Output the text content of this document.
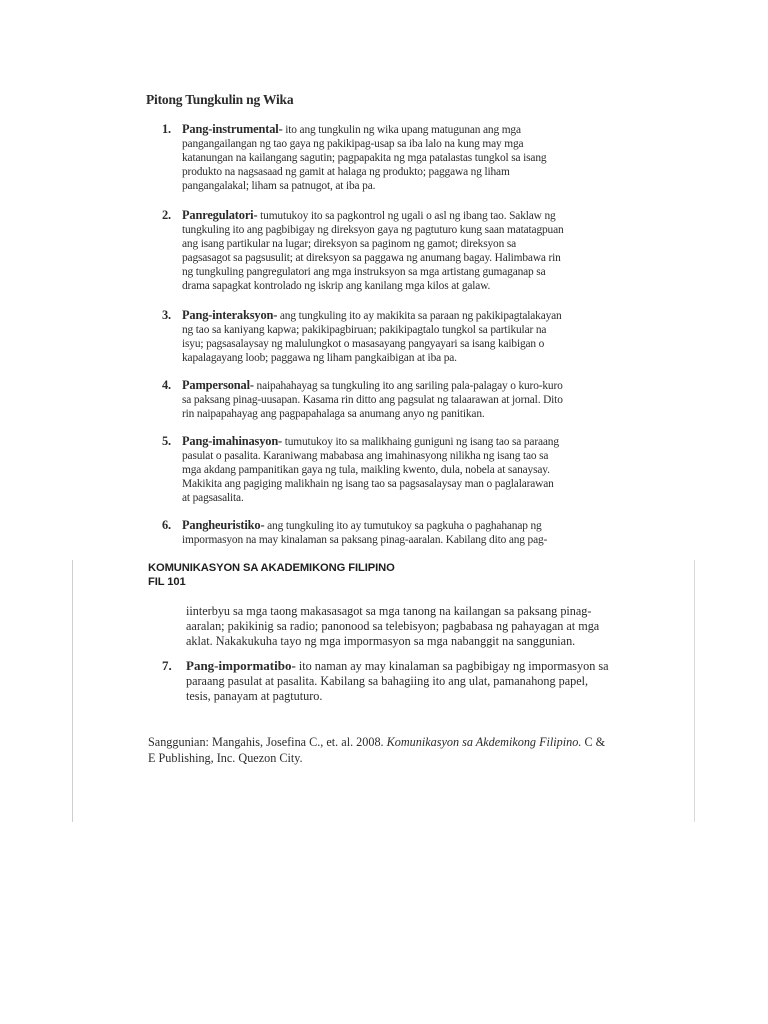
Pitong Tungkulin ng Wika
1. Pang-instrumental- ito ang tungkulin ng wika upang matugunan ang mga
pangangailangan ng tao gaya ng pakikipag-usap sa iba lalo na kung may mga
katanungan na kailangang sagutin; pagpapakita ng mga patalastas tungkol sa isang
produkto na nagsasaad ng gamit at halaga ng produkto; paggawa ng liham
pangangalakal; liham sa patnugot, at iba pa.
2. Panregulatori- tumutukoy ito sa pagkontrol ng ugali o asl ng ibang tao. Saklaw ng
tungkuling ito ang pagbibigay ng direksyon gaya ng pagtuturo kung saan matatagpuan
ang isang partikular na lugar; direksyon sa paginom ng gamot; direksyon sa
pagsasagot sa pagsusulit; at direksyon sa paggawa ng anumang bagay. Halimbawa rin
ng tungkuling pangregulatori ang mga instruksyon sa mga artistang gumaganap sa
drama sapagkat kontrolado ng iskrip ang kanilang mga kilos at galaw.
3. Pang-interaksyon- ang tungkuling ito ay makikita sa paraan ng pakikipagtalakayan
ng tao sa kaniyang kapwa; pakikipagbiruan; pakikipagtalo tungkol sa partikular na
isyu; pagsasalaysay ng malulungkot o masasayang pangyayari sa isang kaibigan o
kapalagayang loob; paggawa ng liham pangkaibigan at iba pa.
4. Pampersonal- naipahahayag sa tungkuling ito ang sariling pala-palagay o kuro-kuro
sa paksang pinag-uusapan. Kasama rin ditto ang pagsulat ng talaarawan at jornal. Dito
rin naipapahayag ang pagpapahalaga sa anumang anyo ng panitikan.
5. Pang-imahinasyon- tumutukoy ito sa malikhaing guniguni ng isang tao sa paraang
pasulat o pasalita. Karaniwang mababasa ang imahinasyong nilikha ng isang tao sa
mga akdang pampanitikan gaya ng tula, maikling kwento, dula, nobela at sanaysay.
Makikita ang pagiging malikhain ng isang tao sa pagsasalaysay man o paglalarawan
at pagsasalita.
6. Pangheuristiko- ang tungkuling ito ay tumutukoy sa pagkuha o paghahanap ng
impormasyon na may kinalaman sa paksang pinag-aaralan. Kabilang dito ang pag-
KOMUNIKASYON SA AKADEMIKONG FILIPINO
FIL 101
iinterbyu sa mga taong makasasagot sa mga tanong na kailangan sa paksang pinag-
aaralan; pakikinig sa radio; panonood sa telebisyon; pagbabasa ng pahayagan at mga
aklat. Nakakukuha tayo ng mga impormasyon sa mga nabanggit na sanggunian.
7. Pang-impormatibo- ito naman ay may kinalaman sa pagbibigay ng impormasyon sa
paraang pasulat at pasalita. Kabilang sa bahagiing ito ang ulat, pamanahong papel,
tesis, panayam at pagtuturo.
Sanggunian: Mangahis, Josefina C., et. al. 2008. Komunikasyon sa Akdemikong Filipino. C &
E Publishing, Inc. Quezon City.
